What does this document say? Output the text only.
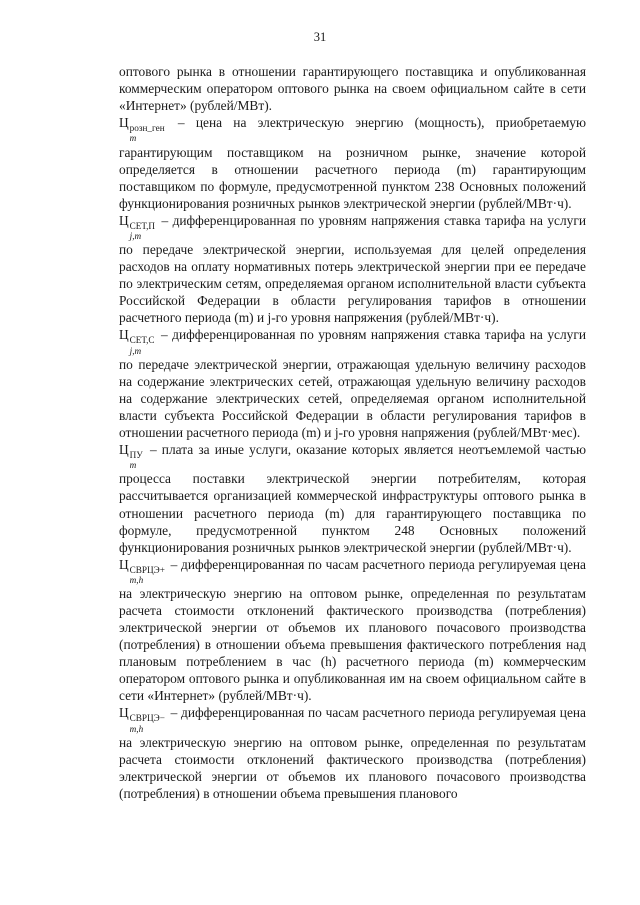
31

оптового рынка в отношении гарантирующего поставщика и опубликованная коммерческим оператором оптового рынка на своем официальном сайте в сети «Интернет» (рублей/МВт).

Ц розн_ген
m
– цена на электрическую энергию (мощность), приобретаемую гарантирующим поставщиком на розничном рынке, значение которой определяется в отношении расчетного периода (m) гарантирующим поставщиком по формуле, предусмотренной пунктом 238 Основных положений функционирования розничных рынков электрической энергии (рублей/МВт·ч).

Ц СЕТ,П
j,m
– дифференцированная по уровням напряжения ставка тарифа на услуги по передаче электрической энергии, используемая для целей определения расходов на оплату нормативных потерь электрической энергии при ее передаче по электрическим сетям, определяемая органом исполнительной власти субъекта Российской Федерации в области регулирования тарифов в отношении расчетного периода (m) и j-го уровня напряжения (рублей/МВт·ч).

Ц СЕТ,С
j,m
– дифференцированная по уровням напряжения ставка тарифа на услуги по передаче электрической энергии, отражающая удельную величину расходов на содержание электрических сетей, отражающая удельную величину расходов на содержание электрических сетей, определяемая органом исполнительной власти субъекта Российской Федерации в области регулирования тарифов в отношении расчетного периода (m) и j-го уровня напряжения (рублей/МВт·мес).

Ц ПУ
m
– плата за иные услуги, оказание которых является неотъемлемой частью процесса поставки электрической энергии потребителям, которая рассчитывается организацией коммерческой инфраструктуры оптового рынка в отношении расчетного периода (m) для гарантирующего поставщика по формуле, предусмотренной пунктом 248 Основных положений функционирования розничных рынков электрической энергии (рублей/МВт·ч).

Ц СВРЦЭ+
m,h
– дифференцированная по часам расчетного периода регулируемая цена на электрическую энергию на оптовом рынке, определенная по результатам расчета стоимости отклонений фактического производства (потребления) электрической энергии от объемов их планового почасового производства (потребления) в отношении объема превышения фактического потребления над плановым потреблением в час (h) расчетного периода (m) коммерческим оператором оптового рынка и опубликованная им на своем официальном сайте в сети «Интернет» (рублей/МВт·ч).

Ц СВРЦЭ−
m,h
– дифференцированная по часам расчетного периода регулируемая цена на электрическую энергию на оптовом рынке, определенная по результатам расчета стоимости отклонений фактического производства (потребления) электрической энергии от объемов их планового почасового производства (потребления) в отношении объема превышения планового
